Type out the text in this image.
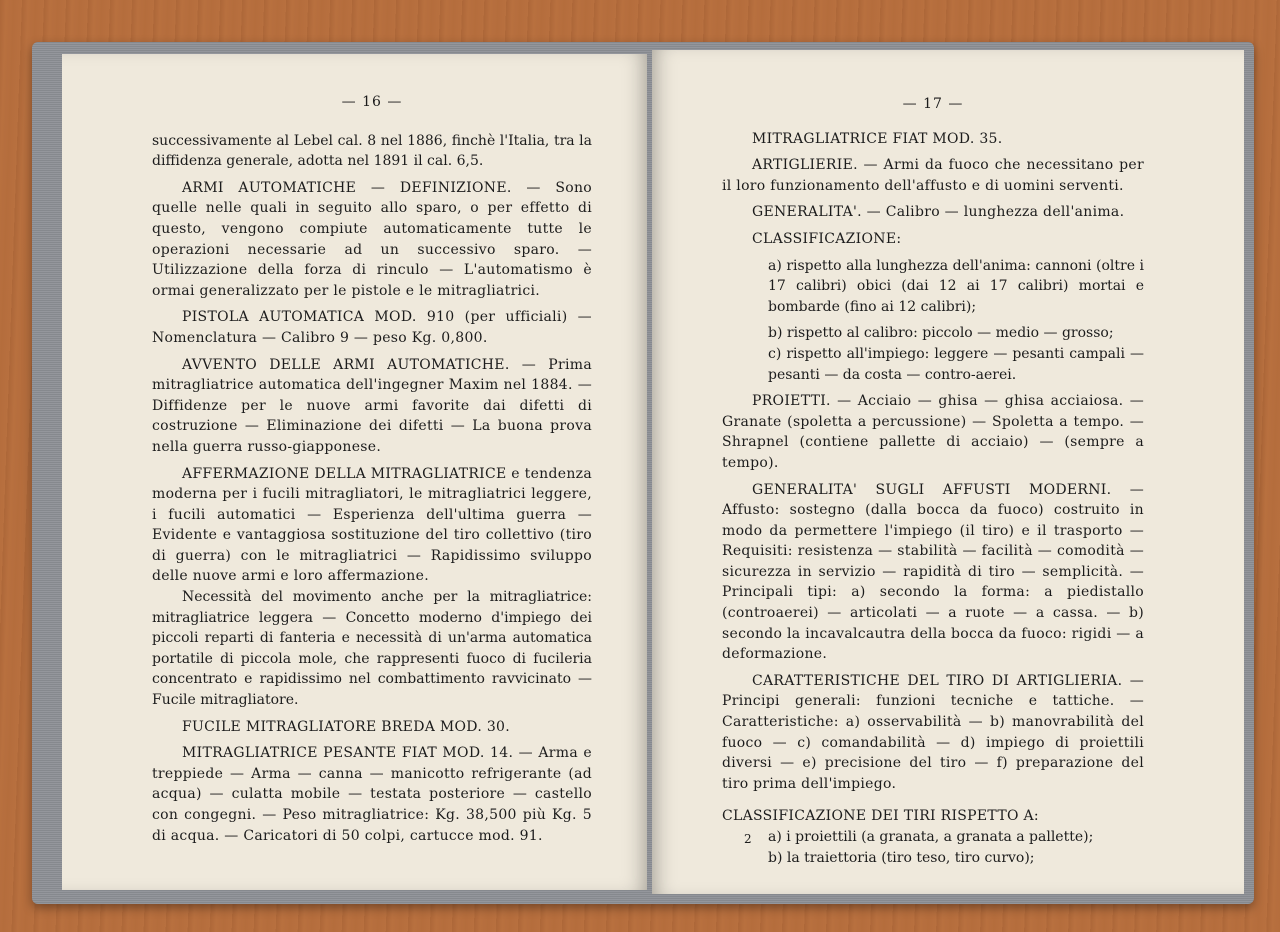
— 16 —

successivamente al Lebel cal. 8 nel 1886, finchè l'Italia, tra la diffidenza generale, adotta nel 1891 il cal. 6,5.

ARMI AUTOMATICHE — DEFINIZIONE. — Sono quelle nelle quali in seguito allo sparo, o per effetto di questo, vengono compiute automaticamente tutte le operazioni necessarie ad un successivo sparo. — Utilizzazione della forza di rinculo — L'automatismo è ormai generalizzato per le pistole e le mitragliatrici.

PISTOLA AUTOMATICA MOD. 910 (per ufficiali) — Nomenclatura — Calibro 9 — peso Kg. 0,800.

AVVENTO DELLE ARMI AUTOMATICHE. — Prima mitragliatrice automatica dell'ingegner Maxim nel 1884. — Diffidenze per le nuove armi favorite dai difetti di costruzione — Eliminazione dei difetti — La buona prova nella guerra russo-giapponese.

AFFERMAZIONE DELLA MITRAGLIATRICE e tendenza moderna per i fucili mitragliatori, le mitragliatrici leggere, i fucili automatici — Esperienza dell'ultima guerra — Evidente e vantaggiosa sostituzione del tiro collettivo (tiro di guerra) con le mitragliatrici — Rapidissimo sviluppo delle nuove armi e loro affermazione.

Necessità del movimento anche per la mitragliatrice: mitragliatrice leggera — Concetto moderno d'impiego dei piccoli reparti di fanteria e necessità di un'arma automatica portatile di piccola mole, che rappresenti fuoco di fucileria concentrato e rapidissimo nel combattimento ravvicinato — Fucile mitragliatore.

FUCILE MITRAGLIATORE BREDA MOD. 30.

MITRAGLIATRICE PESANTE FIAT MOD. 14. — Arma e treppiede — Arma — canna — manicotto refrigerante (ad acqua) — culatta mobile — testata posteriore — castello con congegni. — Peso mitragliatrice: Kg. 38,500 più Kg. 5 di acqua. — Caricatori di 50 colpi, cartucce mod. 91.

— 17 —

MITRAGLIATRICE FIAT MOD. 35.

ARTIGLIERIE. — Armi da fuoco che necessitano per il loro funzionamento dell'affusto e di uomini serventi.

GENERALITA'. — Calibro — lunghezza dell'anima.

CLASSIFICAZIONE:

a) rispetto alla lunghezza dell'anima: cannoni (oltre i 17 calibri) obici (dai 12 ai 17 calibri) mortai e bombarde (fino ai 12 calibri);

b) rispetto al calibro: piccolo — medio — grosso;

c) rispetto all'impiego: leggere — pesanti campali — pesanti — da costa — contro-aerei.

PROIETTI. — Acciaio — ghisa — ghisa acciaiosa. — Granate (spoletta a percussione) — Spoletta a tempo. — Shrapnel (contiene pallette di acciaio) — (sempre a tempo).

GENERALITA' SUGLI AFFUSTI MODERNI. — Affusto: sostegno (dalla bocca da fuoco) costruito in modo da permettere l'impiego (il tiro) e il trasporto — Requisiti: resistenza — stabilità — facilità — comodità — sicurezza in servizio — rapidità di tiro — semplicità. — Principali tipi: a) secondo la forma: a piedistallo (controaerei) — articolati — a ruote — a cassa. — b) secondo la incavalcautra della bocca da fuoco: rigidi — a deformazione.

CARATTERISTICHE DEL TIRO DI ARTIGLIERIA. — Principi generali: funzioni tecniche e tattiche. — Caratteristiche: a) osservabilità — b) manovrabilità del fuoco — c) comandabilità — d) impiego di proiettili diversi — e) precisione del tiro — f) preparazione del tiro prima dell'impiego.

CLASSIFICAZIONE DEI TIRI RISPETTO A:

a) i proiettili (a granata, a granata a pallette);

b) la traiettoria (tiro teso, tiro curvo);

2
